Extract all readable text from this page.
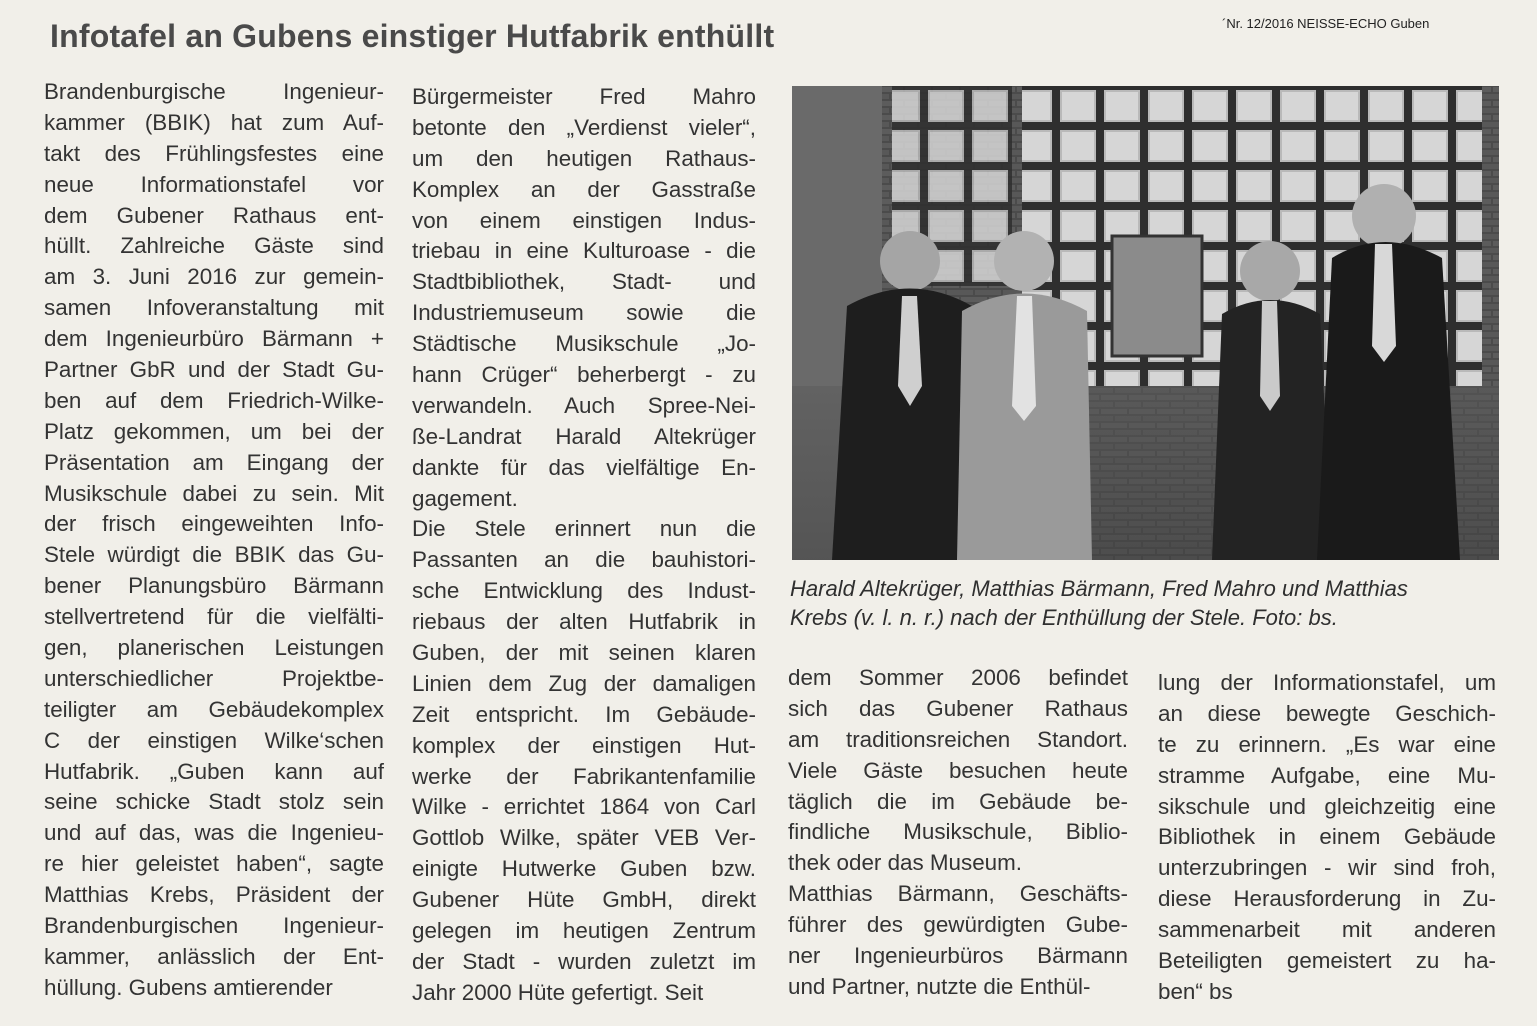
´Nr. 12/2016 NEISSE-ECHO Guben
Infotafel an Gubens einstiger Hutfabrik enthüllt
Brandenburgische Ingenieur-
kammer (BBIK) hat zum Auf-
takt des Frühlingsfestes eine
neue Informationstafel vor
dem Gubener Rathaus ent-
hüllt. Zahlreiche Gäste sind
am 3. Juni 2016 zur gemein-
samen Infoveranstaltung mit
dem Ingenieurbüro Bärmann +
Partner GbR und der Stadt Gu-
ben auf dem Friedrich-Wilke-
Platz gekommen, um bei der
Präsentation am Eingang der
Musikschule dabei zu sein. Mit
der frisch eingeweihten Info-
Stele würdigt die BBIK das Gu-
bener Planungsbüro Bärmann
stellvertretend für die vielfälti-
gen, planerischen Leistungen
unterschiedlicher Projektbe-
teiligter am Gebäudekomplex
C der einstigen Wilke‘schen
Hutfabrik. „Guben kann auf
seine schicke Stadt stolz sein
und auf das, was die Ingenieu-
re hier geleistet haben“, sagte
Matthias Krebs, Präsident der
Brandenburgischen Ingenieur-
kammer, anlässlich der Ent-
hüllung. Gubens amtierender
Bürgermeister Fred Mahro
betonte den „Verdienst vieler“,
um den heutigen Rathaus-
Komplex an der Gasstraße
von einem einstigen Indus-
triebau in eine Kulturoase - die
Stadtbibliothek, Stadt- und
Industriemuseum sowie die
Städtische Musikschule „Jo-
hann Crüger“ beherbergt - zu
verwandeln. Auch Spree-Nei-
ße-Landrat Harald Altekrüger
dankte für das vielfältige En-
gagement.
Die Stele erinnert nun die
Passanten an die bauhistori-
sche Entwicklung des Indust-
riebaus der alten Hutfabrik in
Guben, der mit seinen klaren
Linien dem Zug der damaligen
Zeit entspricht. Im Gebäude-
komplex der einstigen Hut-
werke der Fabrikantenfamilie
Wilke - errichtet 1864 von Carl
Gottlob Wilke, später VEB Ver-
einigte Hutwerke Guben bzw.
Gubener Hüte GmbH, direkt
gelegen im heutigen Zentrum
der Stadt - wurden zuletzt im
Jahr 2000 Hüte gefertigt. Seit
Harald Altekrüger, Matthias Bärmann, Fred Mahro und Matthias
Krebs (v. l. n. r.) nach der Enthüllung der Stele. Foto: bs.
dem Sommer 2006 befindet
sich das Gubener Rathaus
am traditionsreichen Standort.
Viele Gäste besuchen heute
täglich die im Gebäude be-
findliche Musikschule, Biblio-
thek oder das Museum.
Matthias Bärmann, Geschäfts-
führer des gewürdigten Gube-
ner Ingenieurbüros Bärmann
und Partner, nutzte die Enthül-
lung der Informationstafel, um
an diese bewegte Geschich-
te zu erinnern. „Es war eine
stramme Aufgabe, eine Mu-
sikschule und gleichzeitig eine
Bibliothek in einem Gebäude
unterzubringen - wir sind froh,
diese Herausforderung in Zu-
sammenarbeit mit anderen
Beteiligten gemeistert zu ha-
ben“ bs
